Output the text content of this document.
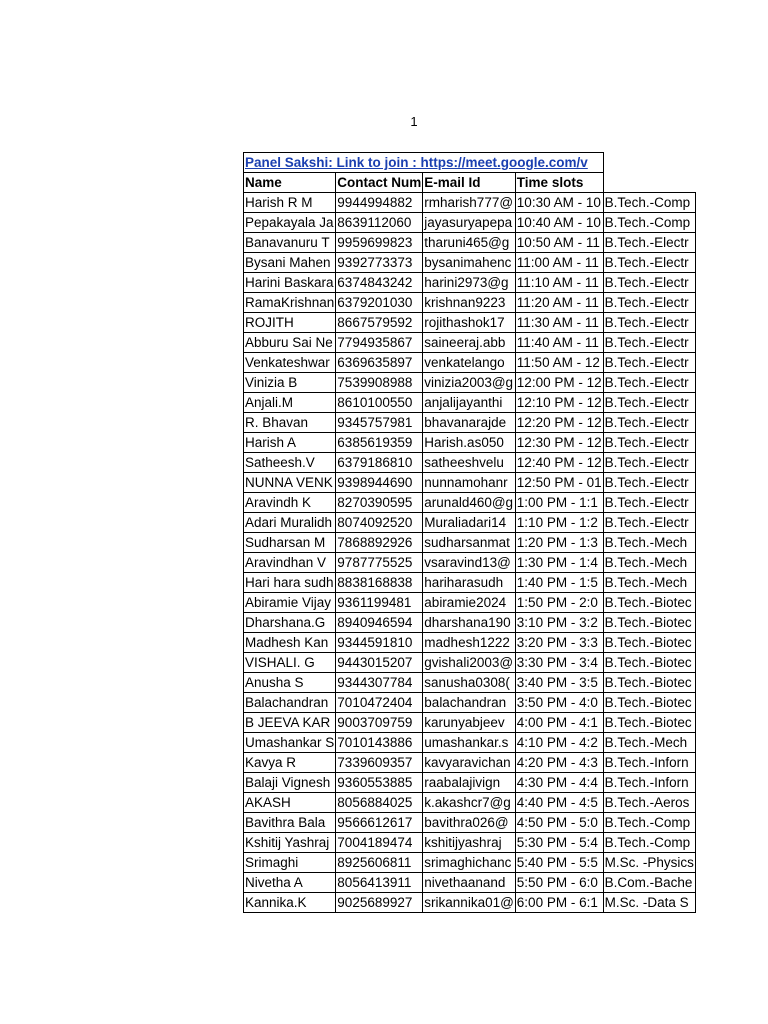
1
Panel Sakshi: Link to join : https://meet.google.com/v				
Name	Contact Num	E-mail Id	Time slots	
Harish R M	9944994882	rmharish777@	10:30 AM - 10	B.Tech.-Comp
Pepakayala Ja	8639112060	jayasuryapepa	10:40 AM - 10	B.Tech.-Comp
Banavanuru T	9959699823	tharuni465@g	10:50 AM - 11	B.Tech.-Electr
Bysani Mahen	9392773373	bysanimahenc	11:00 AM - 11	B.Tech.-Electr
Harini Baskara	6374843242	harini2973@g	11:10 AM - 11	B.Tech.-Electr
RamaKrishnan	6379201030	krishnan9223	11:20 AM - 11	B.Tech.-Electr
ROJITH	8667579592	rojithashok17	11:30 AM - 11	B.Tech.-Electr
Abburu Sai Ne	7794935867	saineeraj.abb	11:40 AM - 11	B.Tech.-Electr
Venkateshwar	6369635897	venkatelango	11:50 AM - 12	B.Tech.-Electr
Vinizia B	7539908988	vinizia2003@g	12:00 PM - 12	B.Tech.-Electr
Anjali.M	8610100550	anjalijayanthi	12:10 PM - 12	B.Tech.-Electr
R. Bhavan	9345757981	bhavanarajde	12:20 PM - 12	B.Tech.-Electr
Harish A	6385619359	Harish.as050	12:30 PM - 12	B.Tech.-Electr
Satheesh.V	6379186810	satheeshvelu	12:40 PM - 12	B.Tech.-Electr
NUNNA VENK	9398944690	nunnamohanr	12:50 PM - 01	B.Tech.-Electr
Aravindh K	8270390595	arunald460@g	1:00 PM - 1:1	B.Tech.-Electr
Adari Muralidh	8074092520	Muraliadari14	1:10 PM - 1:2	B.Tech.-Electr
Sudharsan M	7868892926	sudharsanmat	1:20 PM - 1:3	B.Tech.-Mech
Aravindhan V	9787775525	vsaravind13@	1:30 PM - 1:4	B.Tech.-Mech
Hari hara sudh	8838168838	hariharasudh	1:40 PM - 1:5	B.Tech.-Mech
Abiramie Vijay	9361199481	abiramie2024	1:50 PM - 2:0	B.Tech.-Biotec
Dharshana.G	8940946594	dharshana190	3:10 PM - 3:2	B.Tech.-Biotec
Madhesh Kan	9344591810	madhesh1222	3:20 PM - 3:3	B.Tech.-Biotec
VISHALI. G	9443015207	gvishali2003@	3:30 PM - 3:4	B.Tech.-Biotec
Anusha S	9344307784	sanusha0308(	3:40 PM - 3:5	B.Tech.-Biotec
Balachandran	7010472404	balachandran	3:50 PM - 4:0	B.Tech.-Biotec
B JEEVA KAR	9003709759	karunyabjeev	4:00 PM - 4:1	B.Tech.-Biotec
Umashankar S	7010143886	umashankar.s	4:10 PM - 4:2	B.Tech.-Mech
Kavya R	7339609357	kavyaravichan	4:20 PM - 4:3	B.Tech.-Inforn
Balaji Vignesh	9360553885	raabalajivign	4:30 PM - 4:4	B.Tech.-Inforn
AKASH	8056884025	k.akashcr7@g	4:40 PM - 4:5	B.Tech.-Aeros
Bavithra Bala	9566612617	bavithra026@	4:50 PM - 5:0	B.Tech.-Comp
Kshitij Yashraj	7004189474	kshitijyashraj	5:30 PM - 5:4	B.Tech.-Comp
Srimaghi	8925606811	srimaghichanc	5:40 PM - 5:5	M.Sc. -Physics
Nivetha A	8056413911	nivethaanand	5:50 PM - 6:0	B.Com.-Bache
Kannika.K	9025689927	srikannika01@	6:00 PM - 6:1	M.Sc. -Data S
